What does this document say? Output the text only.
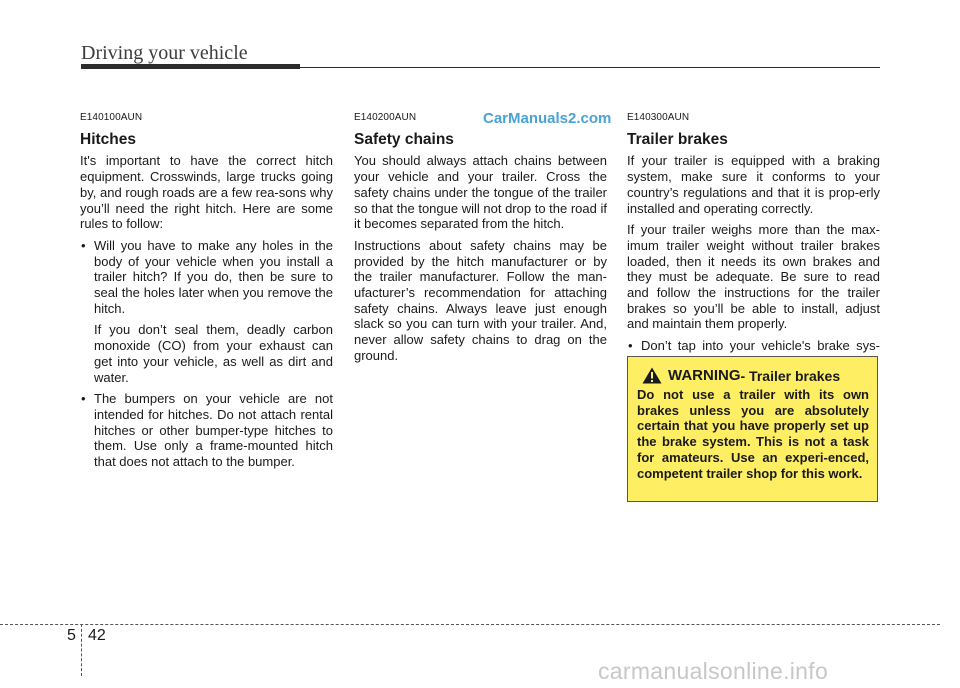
Driving your vehicle
CarManuals2.com
E140100AUN
Hitches

It's important to have the correct hitch equipment. Crosswinds, large trucks going by, and rough roads are a few rea-sons why you’ll need the right hitch. Here are some rules to follow:

• Will you have to make any holes in the body of your vehicle when you install a trailer hitch? If you do, then be sure to seal the holes later when you remove the hitch.

If you don’t seal them, deadly carbon monoxide (CO) from your exhaust can get into your vehicle, as well as dirt and water.

• The bumpers on your vehicle are not intended for hitches. Do not attach rental hitches or other bumper-type hitches to them. Use only a frame-mounted hitch that does not attach to the bumper.

E140200AUN
Safety chains

You should always attach chains between your vehicle and your trailer. Cross the safety chains under the tongue of the trailer so that the tongue will not drop to the road if it becomes separated from the hitch.

Instructions about safety chains may be provided by the hitch manufacturer or by the trailer manufacturer. Follow the man-ufacturer’s recommendation for attaching safety chains. Always leave just enough slack so you can turn with your trailer. And, never allow safety chains to drag on the ground.

E140300AUN
Trailer brakes

If your trailer is equipped with a braking system, make sure it conforms to your country’s regulations and that it is prop-erly installed and operating correctly.

If your trailer weighs more than the max-imum trailer weight without trailer brakes loaded, then it needs its own brakes and they must be adequate. Be sure to read and follow the instructions for the trailer brakes so you’ll be able to install, adjust and maintain them properly.

• Don’t tap into your vehicle's brake sys-

WARNING - Trailer brakes
Do not use a trailer with its own brakes unless you are absolutely certain that you have properly set up the brake system. This is not a task for amateurs. Use an experi-enced, competent trailer shop for this work.
5 42
carmanualsonline.info
